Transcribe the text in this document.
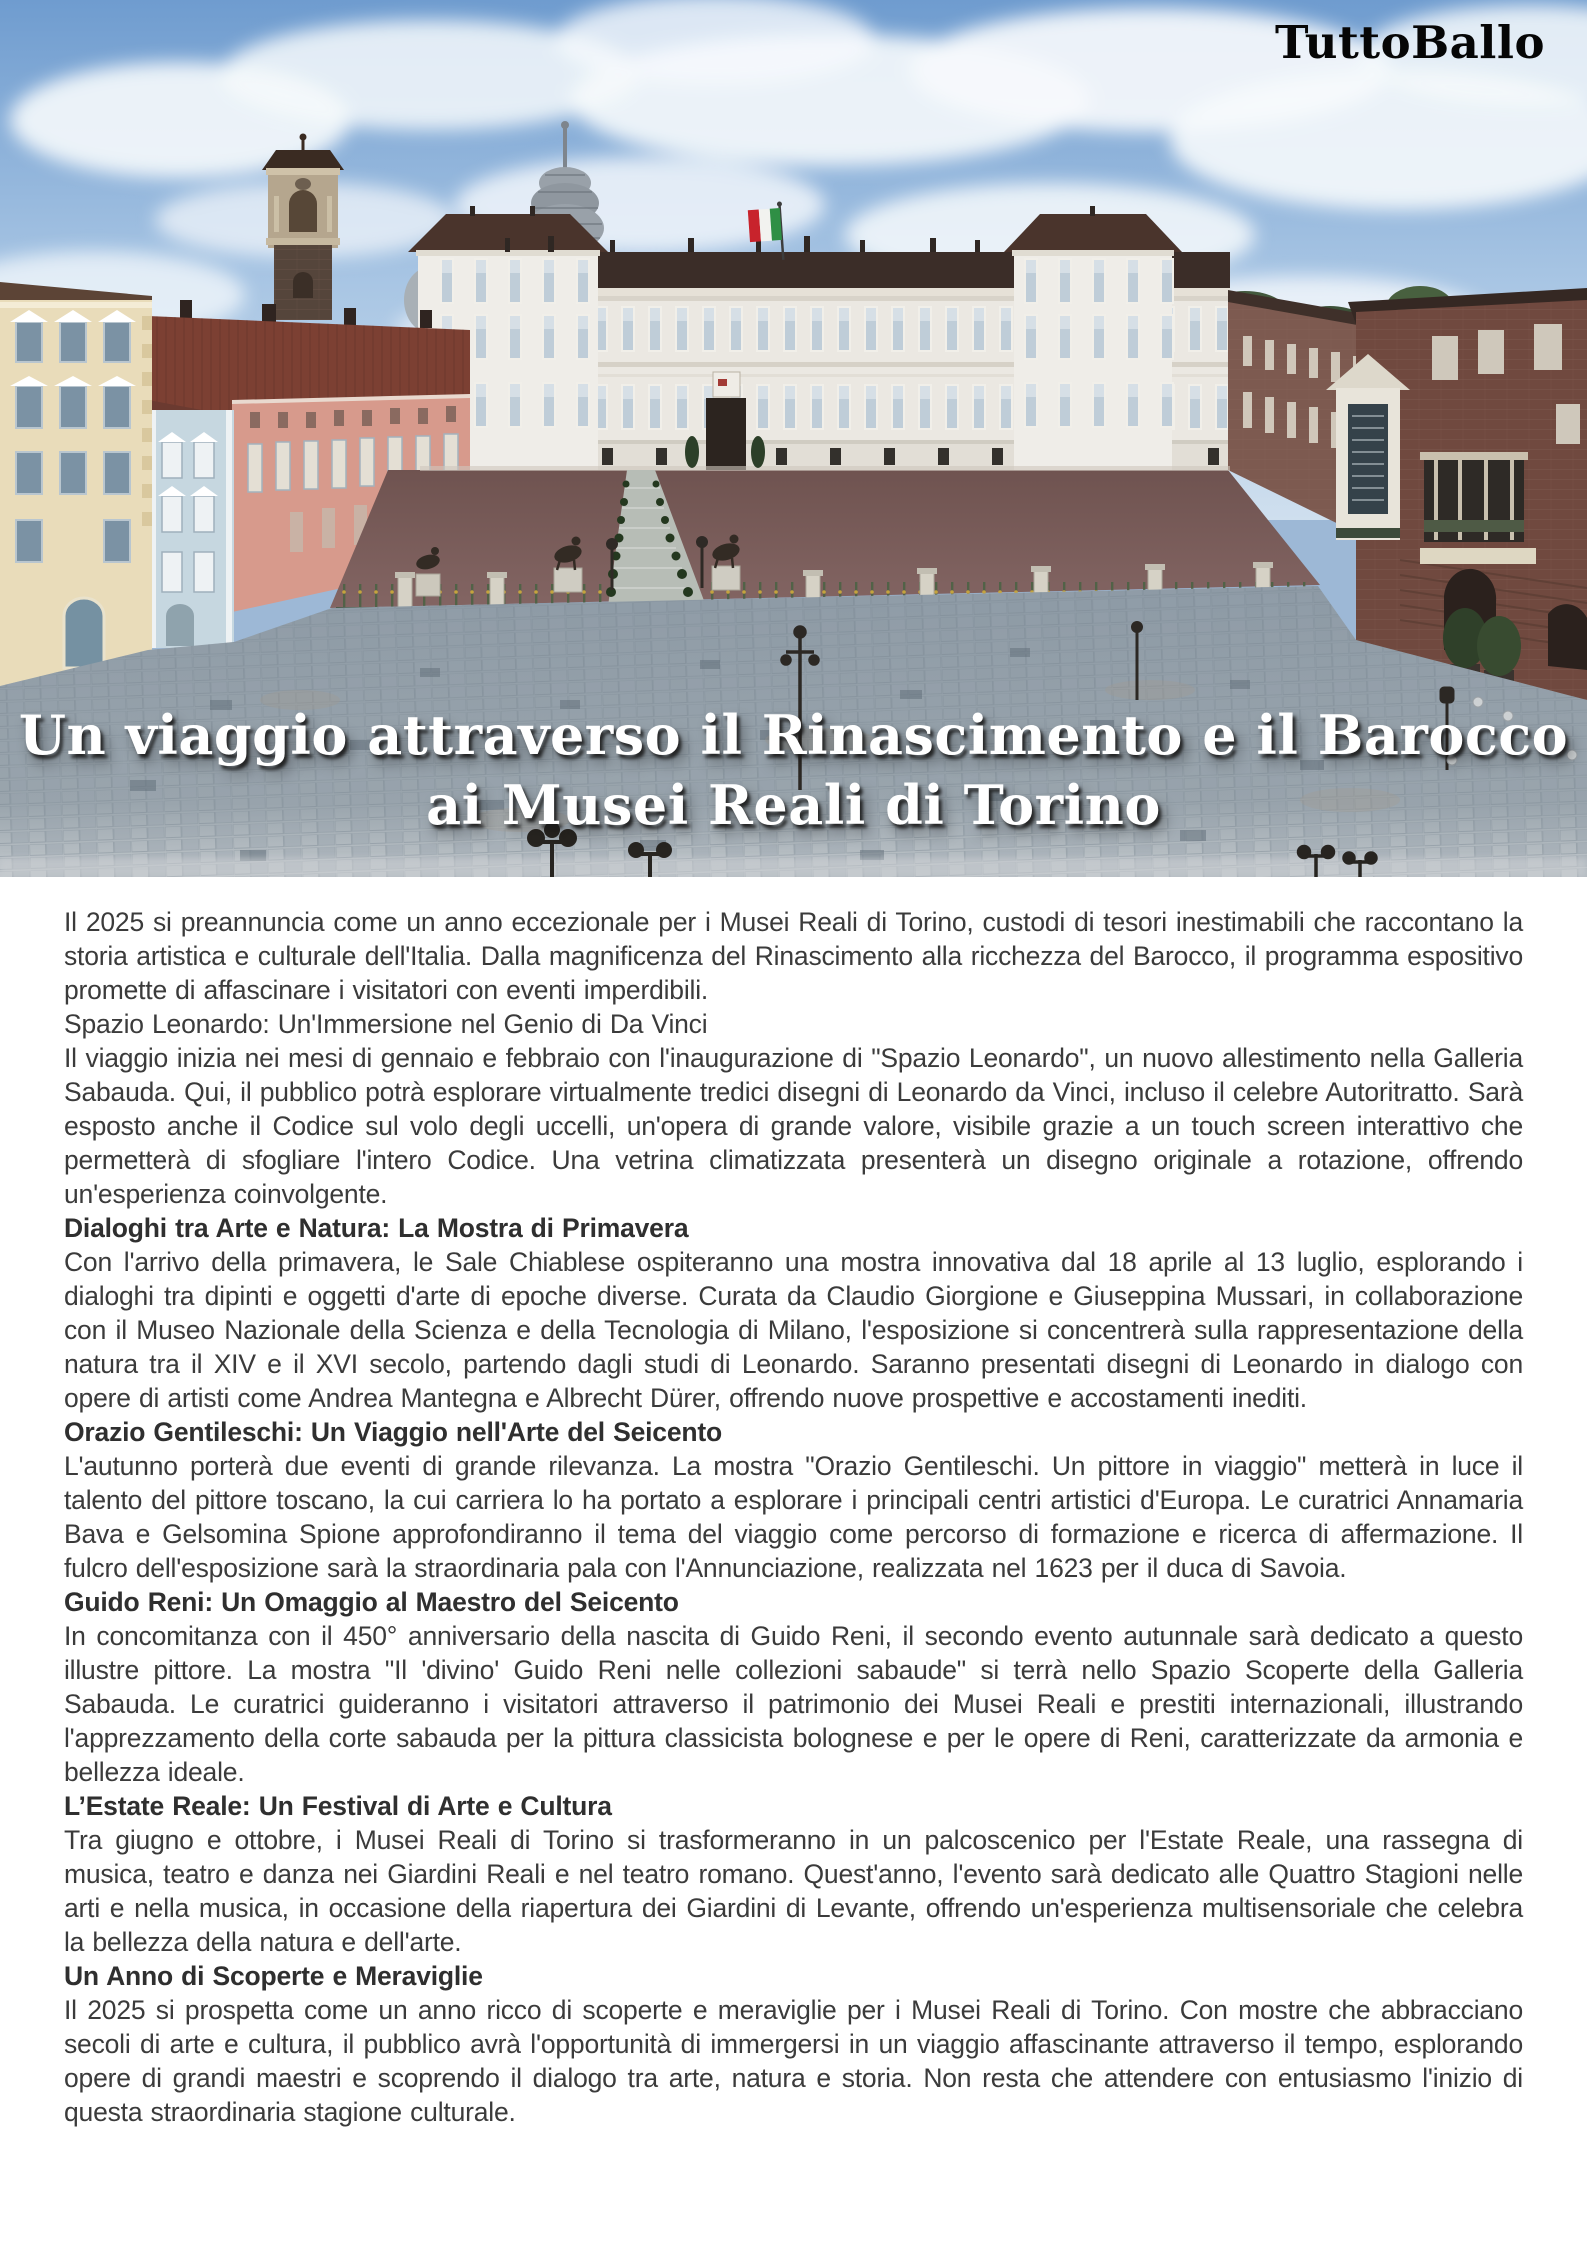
TuttoBallo
Un viaggio attraverso il Rinascimento e il Barocco
ai Musei Reali di Torino

Il 2025 si preannuncia come un anno eccezionale per i Musei Reali di Torino, custodi di tesori inestimabili che raccontano la storia artistica e culturale dell'Italia. Dalla magnificenza del Rinascimento alla ricchezza del Barocco, il programma espositivo promette di affascinare i visitatori con eventi imperdibili.

Spazio Leonardo: Un'Immersione nel Genio di Da Vinci

Il viaggio inizia nei mesi di gennaio e febbraio con l'inaugurazione di "Spazio Leonardo", un nuovo allestimento nella Galleria Sabauda. Qui, il pubblico potrà esplorare virtualmente tredici disegni di Leonardo da Vinci, incluso il celebre Autoritratto. Sarà esposto anche il Codice sul volo degli uccelli, un'opera di grande valore, visibile grazie a un touch screen interattivo che permetterà di sfogliare l'intero Codice. Una vetrina climatizzata presenterà un disegno originale a rotazione, offrendo un'esperienza coinvolgente.

Dialoghi tra Arte e Natura: La Mostra di Primavera

Con l'arrivo della primavera, le Sale Chiablese ospiteranno una mostra innovativa dal 18 aprile al 13 luglio, esplorando i dialoghi tra dipinti e oggetti d'arte di epoche diverse. Curata da Claudio Giorgione e Giuseppina Mussari, in collaborazione con il Museo Nazionale della Scienza e della Tecnologia di Milano, l'esposizione si concentrerà sulla rappresentazione della natura tra il XIV e il XVI secolo, partendo dagli studi di Leonardo. Saranno presentati disegni di Leonardo in dialogo con opere di artisti come Andrea Mantegna e Albrecht Dürer, offrendo nuove prospettive e accostamenti inediti.

Orazio Gentileschi: Un Viaggio nell'Arte del Seicento

L'autunno porterà due eventi di grande rilevanza. La mostra "Orazio Gentileschi. Un pittore in viaggio" metterà in luce il talento del pittore toscano, la cui carriera lo ha portato a esplorare i principali centri artistici d'Europa. Le curatrici Annamaria Bava e Gelsomina Spione approfondiranno il tema del viaggio come percorso di formazione e ricerca di affermazione. Il fulcro dell'esposizione sarà la straordinaria pala con l'Annunciazione, realizzata nel 1623 per il duca di Savoia.

Guido Reni: Un Omaggio al Maestro del Seicento

In concomitanza con il 450° anniversario della nascita di Guido Reni, il secondo evento autunnale sarà dedicato a questo illustre pittore. La mostra "Il 'divino' Guido Reni nelle collezioni sabaude" si terrà nello Spazio Scoperte della Galleria Sabauda. Le curatrici guideranno i visitatori attraverso il patrimonio dei Musei Reali e prestiti internazionali, illustrando l'apprezzamento della corte sabauda per la pittura classicista bolognese e per le opere di Reni, caratterizzate da armonia e bellezza ideale.

L’Estate Reale: Un Festival di Arte e Cultura

Tra giugno e ottobre, i Musei Reali di Torino si trasformeranno in un palcoscenico per l'Estate Reale, una rassegna di musica, teatro e danza nei Giardini Reali e nel teatro romano. Quest'anno, l'evento sarà dedicato alle Quattro Stagioni nelle arti e nella musica, in occasione della riapertura dei Giardini di Levante, offrendo un'esperienza multisensoriale che celebra la bellezza della natura e dell'arte.

Un Anno di Scoperte e Meraviglie

Il 2025 si prospetta come un anno ricco di scoperte e meraviglie per i Musei Reali di Torino. Con mostre che abbracciano secoli di arte e cultura, il pubblico avrà l'opportunità di immergersi in un viaggio affascinante attraverso il tempo, esplorando opere di grandi maestri e scoprendo il dialogo tra arte, natura e storia. Non resta che attendere con entusiasmo l'inizio di questa straordinaria stagione culturale.
